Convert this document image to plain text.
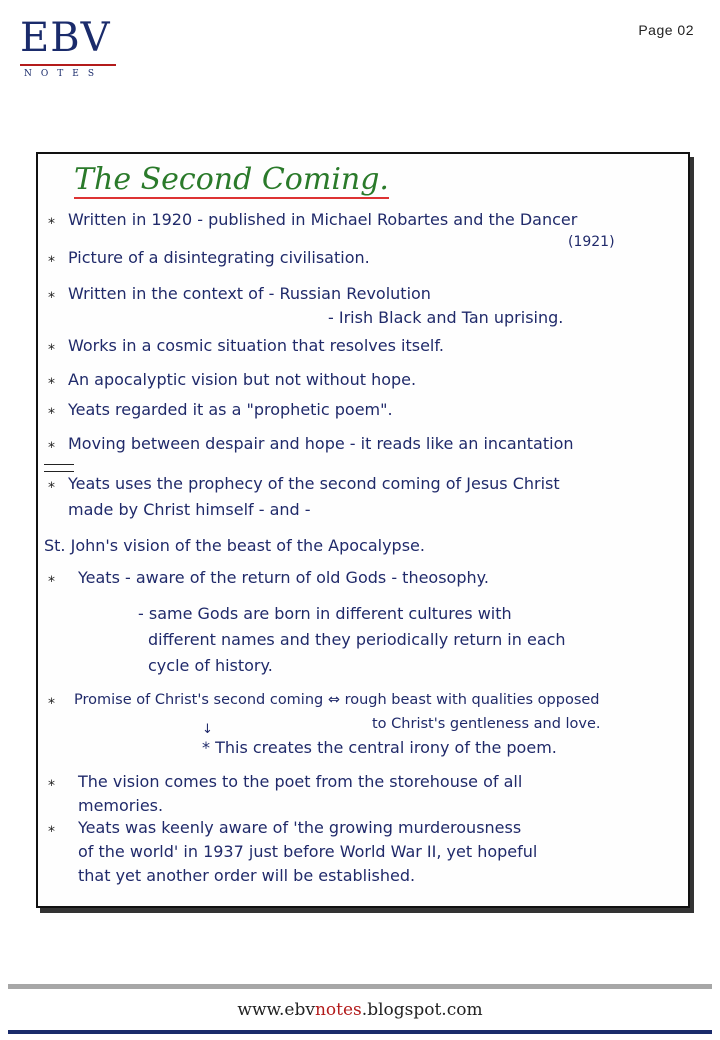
EBV
NOTES
Page 02
The Second Coming.
* Written in 1920 - published in Michael Robartes and the Dancer
(1921)
* Picture of a disintegrating civilisation.
* Written in the context of - Russian Revolution
- Irish Black and Tan uprising.
* Works in a cosmic situation that resolves itself.
* An apocalyptic vision but not without hope.
* Yeats regarded it as a "prophetic poem".
* Moving between despair and hope - it reads like an incantation
* Yeats uses the prophecy of the second coming of Jesus Christ
made by Christ himself - and -
St. John's vision of the beast of the Apocalypse.
* Yeats - aware of the return of old Gods - theosophy.
- same Gods are born in different cultures with
different names and they periodically return in each
cycle of history.
* Promise of Christ's second coming ⇔ rough beast with qualities opposed
to Christ's gentleness and love.
↓
* This creates the central irony of the poem.
* The vision comes to the poet from the storehouse of all
memories.
* Yeats was keenly aware of 'the growing murderousness
of the world' in 1937 just before World War II, yet hopeful
that yet another order will be established.
www.ebvnotes.blogspot.com
